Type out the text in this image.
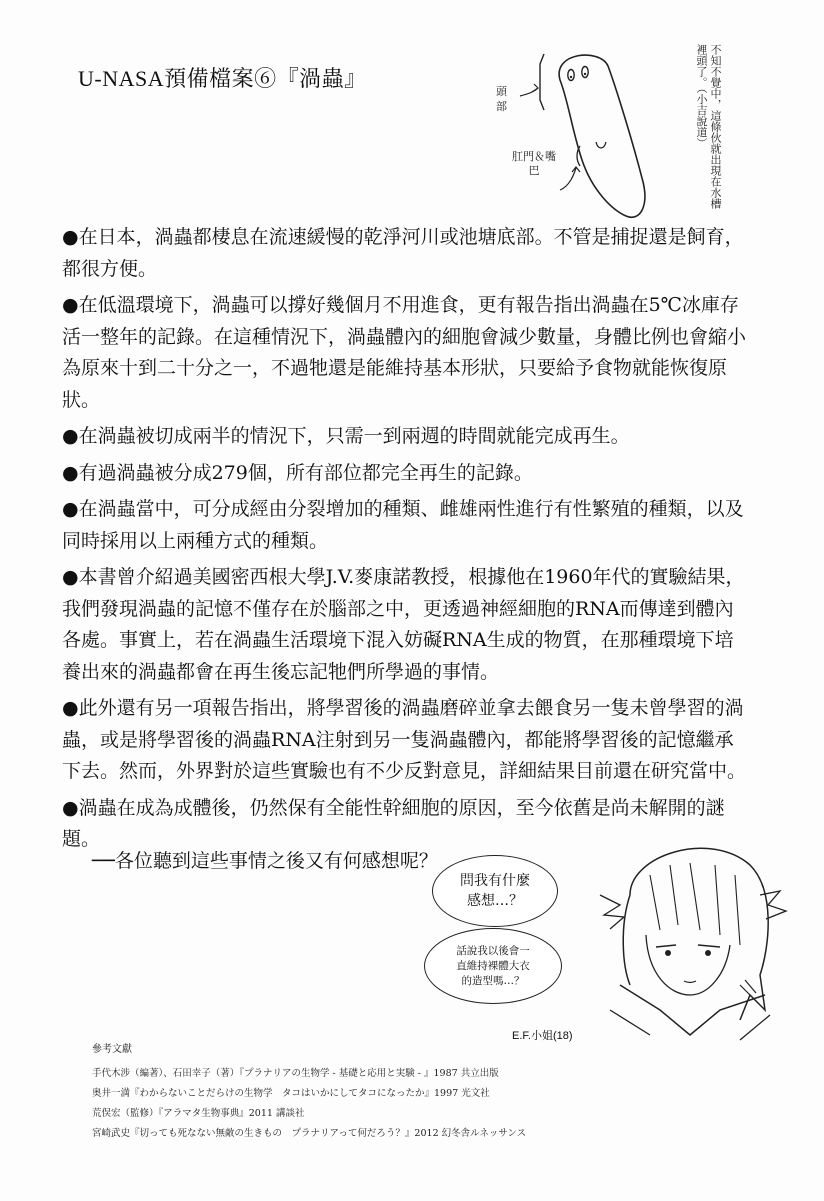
U-NASA預備檔案⑥『渦蟲』
頭部
肛門＆嘴巴	不知不覺中，這條伙就出現在水槽裡頭了。（小吉說道）

●在日本，渦蟲都棲息在流速緩慢的乾淨河川或池塘底部。不管是捕捉還是飼育，都很方便。

●在低溫環境下，渦蟲可以撐好幾個月不用進食，更有報告指出渦蟲在5℃冰庫存活一整年的記錄。在這種情況下，渦蟲體內的細胞會減少數量，身體比例也會縮小為原來十到二十分之一，不過牠還是能維持基本形狀，只要給予食物就能恢復原狀。

●在渦蟲被切成兩半的情況下，只需一到兩週的時間就能完成再生。

●有過渦蟲被分成279個，所有部位都完全再生的記錄。

●在渦蟲當中，可分成經由分裂增加的種類、雌雄兩性進行有性繁殖的種類，以及同時採用以上兩種方式的種類。

●本書曾介紹過美國密西根大學J.V.麥康諾教授，根據他在1960年代的實驗結果，我們發現渦蟲的記憶不僅存在於腦部之中，更透過神經細胞的RNA而傳達到體內各處。事實上，若在渦蟲生活環境下混入妨礙RNA生成的物質，在那種環境下培養出來的渦蟲都會在再生後忘記牠們所學過的事情。

●此外還有另一項報告指出，將學習後的渦蟲磨碎並拿去餵食另一隻未曾學習的渦蟲，或是將學習後的渦蟲RNA注射到另一隻渦蟲體內，都能將學習後的記憶繼承下去。然而，外界對於這些實驗也有不少反對意見，詳細結果目前還在研究當中。

●渦蟲在成為成體後，仍然保有全能性幹細胞的原因，至今依舊是尚未解開的謎題。

──各位聽到這些事情之後又有何感想呢？
問我有什麼感想…？
話說我以後會一直維持裸體大衣的造型嗎…？
E.F.小姐(18)
參考文獻
手代木涉（編著）、石田幸子（著）『プラナリアの生物学 - 基礎と応用と実験 - 』1987 共立出版
奥井一満『わからないことだらけの生物学　タコはいかにしてタコになったか』1997 光文社
荒俣宏（監修）『アラマタ生物事典』2011 講談社
宮崎武史『切っても死なない無敵の生きもの　プラナリアって何だろう？』2012 幻冬舎ルネッサンス
